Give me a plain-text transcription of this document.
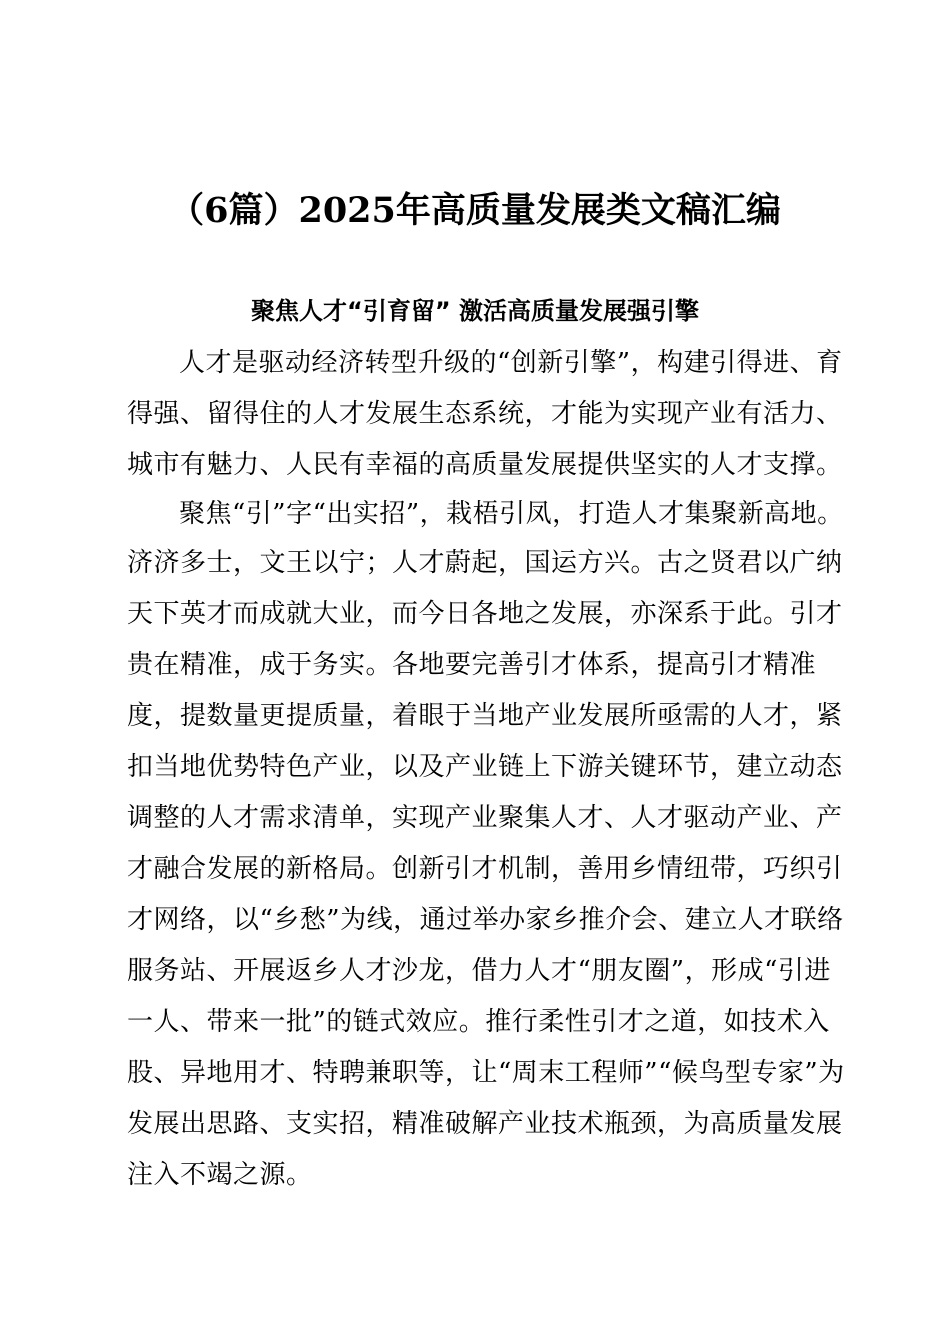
（6篇）2025年高质量发展类文稿汇编
聚焦人才“引育留” 激活高质量发展强引擎

人才是驱动经济转型升级的“创新引擎”，构建引得进、育得强、留得住的人才发展生态系统，才能为实现产业有活力、城市有魅力、人民有幸福的高质量发展提供坚实的人才支撑。

聚焦“引”字“出实招”，栽梧引凤，打造人才集聚新高地。

济济多士，文王以宁；人才蔚起，国运方兴。古之贤君以广纳天下英才而成就大业，而今日各地之发展，亦深系于此。引才贵在精准，成于务实。各地要完善引才体系，提高引才精准度，提数量更提质量，着眼于当地产业发展所亟需的人才，紧扣当地优势特色产业，以及产业链上下游关键环节，建立动态调整的人才需求清单，实现产业聚集人才、人才驱动产业、产才融合发展的新格局。创新引才机制，善用乡情纽带，巧织引才网络，以“乡愁”为线，通过举办家乡推介会、建立人才联络服务站、开展返乡人才沙龙，借力人才“朋友圈”，形成“引进一人、带来一批”的链式效应。推行柔性引才之道，如技术入股、异地用才、特聘兼职等，让“周末工程师”“候鸟型专家”为发展出思路、支实招，精准破解产业技术瓶颈，为高质量发展注入不竭之源。
